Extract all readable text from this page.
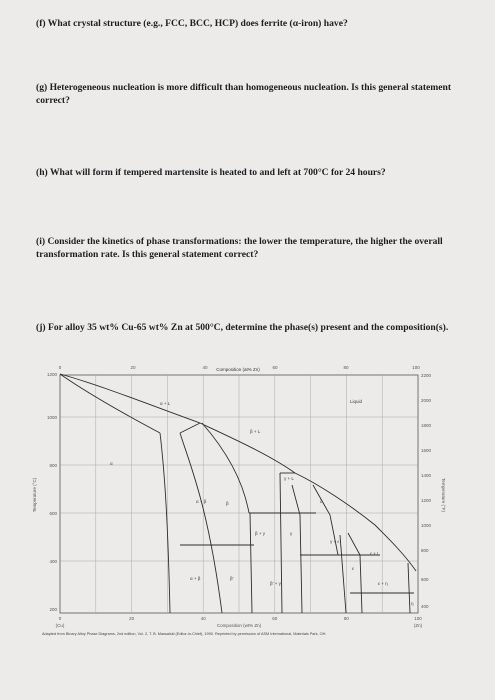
(f) What crystal structure (e.g., FCC, BCC, HCP) does ferrite (α-iron) have?
(g) Heterogeneous nucleation is more difficult than homogeneous nucleation. Is this general statement correct?
(h) What will form if tempered martensite is heated to and left at 700°C for 24 hours?
(i) Consider the kinetics of phase transformations: the lower the temperature, the higher the overall transformation rate. Is this general statement correct?
(j) For alloy 35 wt% Cu-65 wt% Zn at 500°C, determine the phase(s) present and the composition(s).
Composition (at% Zn)
Liquid
α
α + L
β + L
α + β	β
β'
α + β
γ + L
δ
γ
β + γ
β' + γ
γ + ε
ε + L
ε
ε + η
η
0	20	40	60	80	100
1200
1000
800
600
400
200
Temperature (°C)
2200
2000
1800
1600
1400
1200
1000
800
600
400
Temperature (°F)
0	20	40	60	80	100
Composition (wt% Zn)
(Cu)	(Zn)
Adapted from Binary Alloy Phase Diagrams, 2nd edition, Vol. 2, T. B. Massalski (Editor-in-Chief), 1990. Reprinted by permission of ASM International, Materials Park, OH.
